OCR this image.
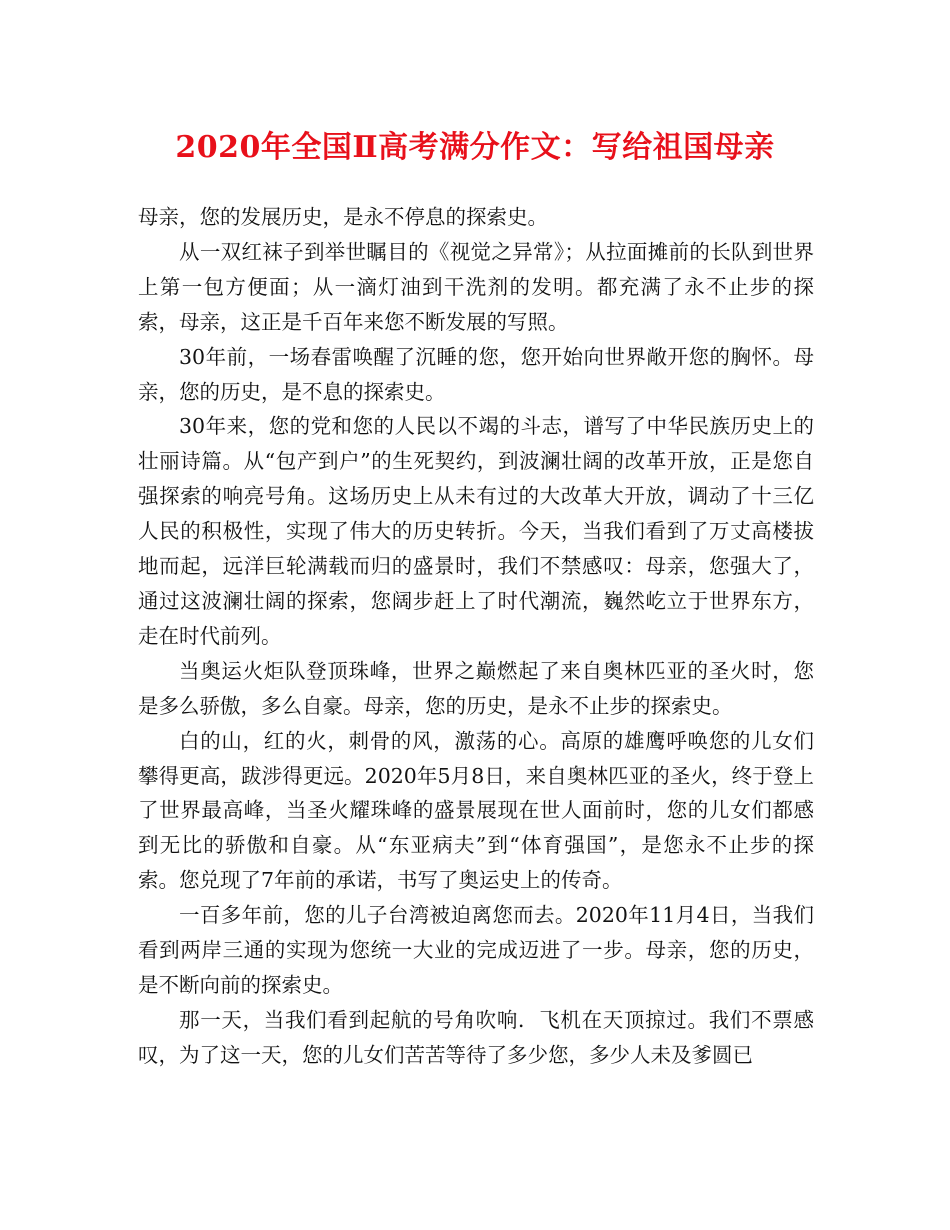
2020年全国Ⅱ高考满分作文：写给祖国母亲

母亲，您的发展历史，是永不停息的探索史。

从一双红袜子到举世瞩目的《视觉之异常》；从拉面摊前的长队到世界上第一包方便面；从一滴灯油到干洗剂的发明。都充满了永不止步的探索，母亲，这正是千百年来您不断发展的写照。

30年前，一场春雷唤醒了沉睡的您，您开始向世界敞开您的胸怀。母亲，您的历史，是不息的探索史。

30年来，您的党和您的人民以不竭的斗志，谱写了中华民族历史上的壮丽诗篇。从“包产到户”的生死契约，到波澜壮阔的改革开放，正是您自强探索的响亮号角。这场历史上从未有过的大改革大开放，调动了十三亿人民的积极性，实现了伟大的历史转折。今天，当我们看到了万丈高楼拔地而起，远洋巨轮满载而归的盛景时，我们不禁感叹：母亲，您强大了，通过这波澜壮阔的探索，您阔步赶上了时代潮流，巍然屹立于世界东方，走在时代前列。

当奥运火炬队登顶珠峰，世界之巅燃起了来自奥林匹亚的圣火时，您是多么骄傲，多么自豪。母亲，您的历史，是永不止步的探索史。

白的山，红的火，刺骨的风，激荡的心。高原的雄鹰呼唤您的儿女们攀得更高，跋涉得更远。2020年5月8日，来自奥林匹亚的圣火，终于登上了世界最高峰，当圣火耀珠峰的盛景展现在世人面前时，您的儿女们都感到无比的骄傲和自豪。从“东亚病夫”到“体育强国”，是您永不止步的探索。您兑现了7年前的承诺，书写了奥运史上的传奇。

一百多年前，您的儿子台湾被迫离您而去。2020年11月4日，当我们看到两岸三通的实现为您统一大业的完成迈进了一步。母亲，您的历史，是不断向前的探索史。

那一天，当我们看到起航的号角吹响．飞机在天顶掠过。我们不票感叹，为了这一天，您的儿女们苦苦等待了多少您，多少人未及爹圆已
